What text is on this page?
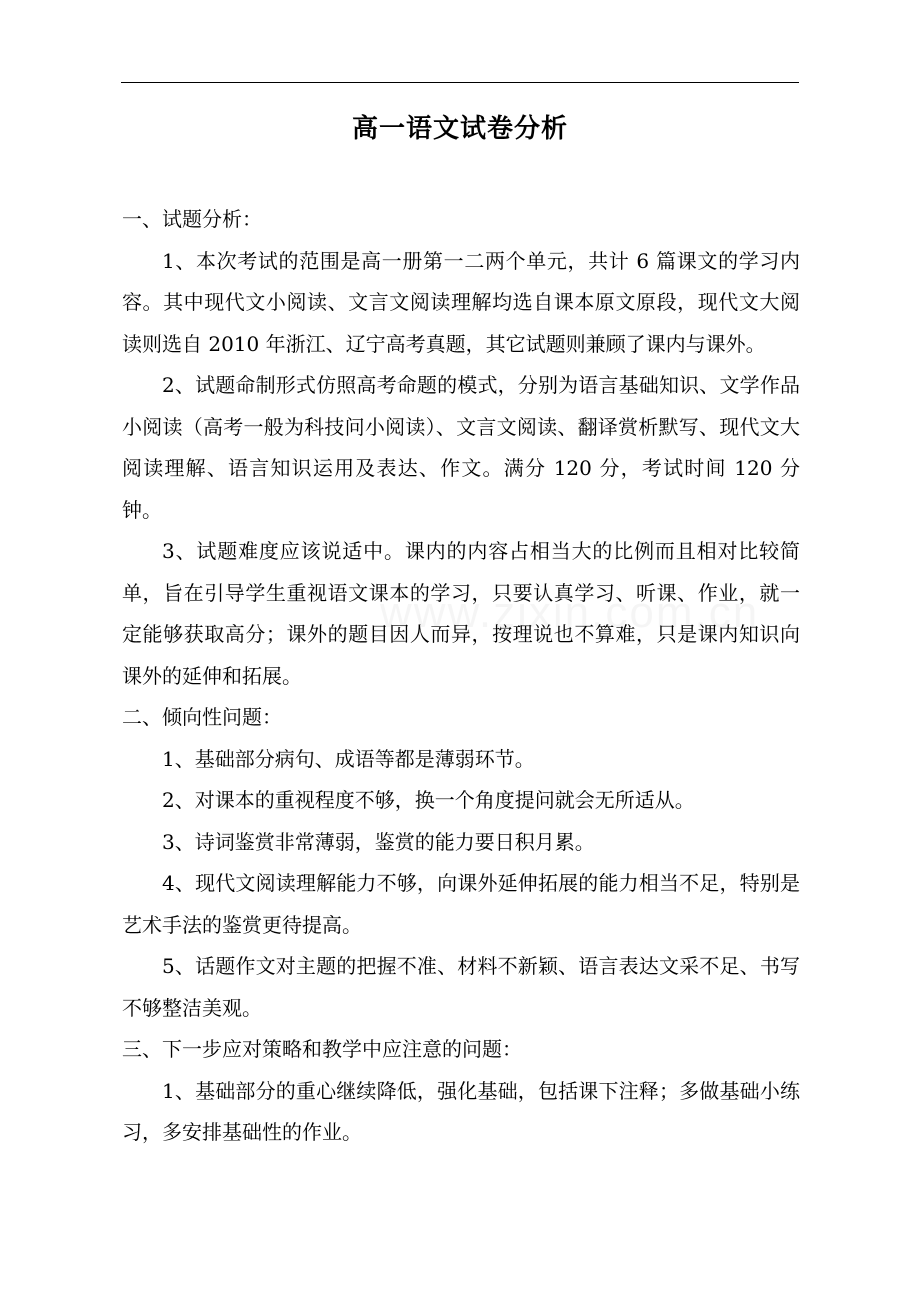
高一语文试卷分析

一、试题分析：

1、本次考试的范围是高一册第一二两个单元，共计 6 篇课文的学习内容。其中现代文小阅读、文言文阅读理解均选自课本原文原段，现代文大阅读则选自 2010 年浙江、辽宁高考真题，其它试题则兼顾了课内与课外。

2、试题命制形式仿照高考命题的模式，分别为语言基础知识、文学作品小阅读（高考一般为科技问小阅读）、文言文阅读、翻译赏析默写、现代文大阅读理解、语言知识运用及表达、作文。满分 120 分，考试时间 120 分钟。

3、试题难度应该说适中。课内的内容占相当大的比例而且相对比较简单，旨在引导学生重视语文课本的学习，只要认真学习、听课、作业，就一定能够获取高分；课外的题目因人而异，按理说也不算难，只是课内知识向课外的延伸和拓展。

二、倾向性问题：

1、基础部分病句、成语等都是薄弱环节。

2、对课本的重视程度不够，换一个角度提问就会无所适从。

3、诗词鉴赏非常薄弱，鉴赏的能力要日积月累。

4、现代文阅读理解能力不够，向课外延伸拓展的能力相当不足，特别是艺术手法的鉴赏更待提高。

5、话题作文对主题的把握不准、材料不新颖、语言表达文采不足、书写不够整洁美观。

三、下一步应对策略和教学中应注意的问题：

1、基础部分的重心继续降低，强化基础，包括课下注释；多做基础小练习，多安排基础性的作业。
